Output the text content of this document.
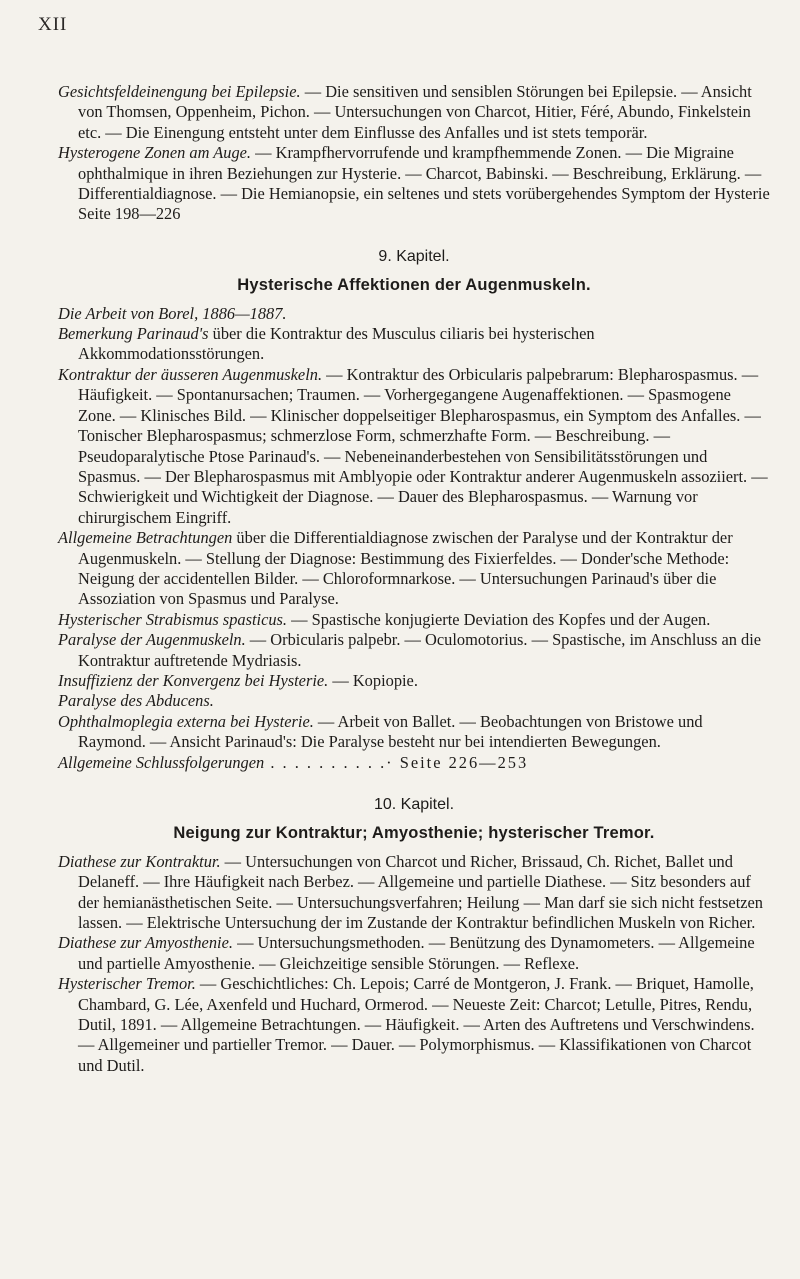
XII

Gesichtsfeldeinengung bei Epilepsie. — Die sensitiven und sensiblen Störungen bei Epilepsie. — Ansicht von Thomsen, Oppenheim, Pichon. — Untersuchungen von Charcot, Hitier, Féré, Abundo, Finkelstein etc. — Die Einengung entsteht unter dem Einflusse des Anfalles und ist stets temporär.

Hysterogene Zonen am Auge. — Krampfhervorrufende und krampfhemmende Zonen. — Die Migraine ophthalmique in ihren Beziehungen zur Hysterie. — Charcot, Babinski. — Beschreibung, Erklärung. — Differentialdiagnose. — Die Hemianopsie, ein seltenes und stets vorübergehendes Symptom der Hysterie Seite 198—226

9. Kapitel.
Hysterische Affektionen der Augenmuskeln.

Die Arbeit von Borel, 1886—1887.

Bemerkung Parinaud's über die Kontraktur des Musculus ciliaris bei hysterischen Akkommodationsstörungen.

Kontraktur der äusseren Augenmuskeln. — Kontraktur des Orbicularis palpebrarum: Blepharospasmus. — Häufigkeit. — Spontanursachen; Traumen. — Vorhergegangene Augenaffektionen. — Spasmogene Zone. — Klinisches Bild. — Klinischer doppelseitiger Blepharospasmus, ein Symptom des Anfalles. — Tonischer Blepharospasmus; schmerzlose Form, schmerzhafte Form. — Beschreibung. — Pseudoparalytische Ptose Parinaud's. — Nebeneinanderbestehen von Sensibilitätsstörungen und Spasmus. — Der Blepharospasmus mit Amblyopie oder Kontraktur anderer Augenmuskeln assoziiert. — Schwierigkeit und Wichtigkeit der Diagnose. — Dauer des Blepharospasmus. — Warnung vor chirurgischem Eingriff.

Allgemeine Betrachtungen über die Differentialdiagnose zwischen der Paralyse und der Kontraktur der Augenmuskeln. — Stellung der Diagnose: Bestimmung des Fixierfeldes. — Donder'sche Methode: Neigung der accidentellen Bilder. — Chloroformnarkose. — Untersuchungen Parinaud's über die Assoziation von Spasmus und Paralyse.

Hysterischer Strabismus spasticus. — Spastische konjugierte Deviation des Kopfes und der Augen.

Paralyse der Augenmuskeln. — Orbicularis palpebr. — Oculomotorius. — Spastische, im Anschluss an die Kontraktur auftretende Mydriasis.

Insuffizienz der Konvergenz bei Hysterie. — Kopiopie.

Paralyse des Abducens.

Ophthalmoplegia externa bei Hysterie. — Arbeit von Ballet. — Beobachtungen von Bristowe und Raymond. — Ansicht Parinaud's: Die Paralyse besteht nur bei intendierten Bewegungen.

Allgemeine Schlussfolgerungen . . . . . . . . . .· Seite 226—253

10. Kapitel.
Neigung zur Kontraktur; Amyosthenie; hysterischer Tremor.

Diathese zur Kontraktur. — Untersuchungen von Charcot und Richer, Brissaud, Ch. Richet, Ballet und Delaneff. — Ihre Häufigkeit nach Berbez. — Allgemeine und partielle Diathese. — Sitz besonders auf der hemianästhetischen Seite. — Untersuchungsverfahren; Heilung — Man darf sie sich nicht festsetzen lassen. — Elektrische Untersuchung der im Zustande der Kontraktur befindlichen Muskeln von Richer.

Diathese zur Amyosthenie. — Untersuchungsmethoden. — Benützung des Dynamometers. — Allgemeine und partielle Amyosthenie. — Gleichzeitige sensible Störungen. — Reflexe.

Hysterischer Tremor. — Geschichtliches: Ch. Lepois; Carré de Montgeron, J. Frank. — Briquet, Hamolle, Chambard, G. Lée, Axenfeld und Huchard, Ormerod. — Neueste Zeit: Charcot; Letulle, Pitres, Rendu, Dutil, 1891. — Allgemeine Betrachtungen. — Häufigkeit. — Arten des Auftretens und Verschwindens. — Allgemeiner und partieller Tremor. — Dauer. — Polymorphismus. — Klassifikationen von Charcot und Dutil.
